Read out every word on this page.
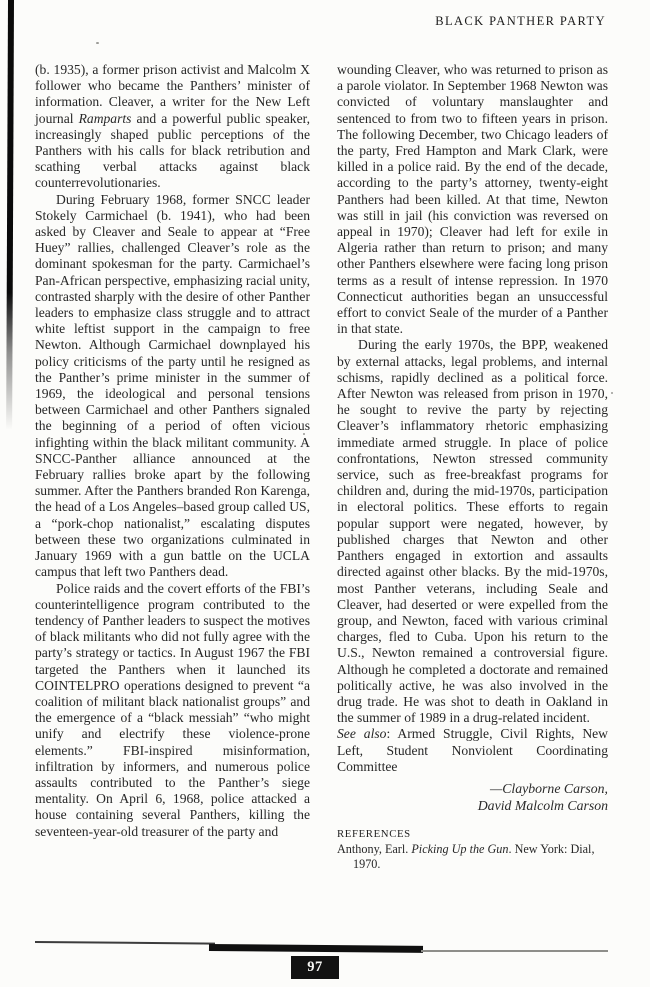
BLACK PANTHER PARTY

(b. 1935), a former prison activist and Malcolm X follower who became the Panthers’ minister of information. Cleaver, a writer for the New Left journal Ramparts and a powerful public speaker, increasingly shaped public perceptions of the Panthers with his calls for black retribution and scathing verbal attacks against black counterrevolutionaries.

During February 1968, former SNCC leader Stokely Carmichael (b. 1941), who had been asked by Cleaver and Seale to appear at “Free Huey” rallies, challenged Cleaver’s role as the dominant spokesman for the party. Carmichael’s Pan-African perspective, emphasizing racial unity, contrasted sharply with the desire of other Panther leaders to emphasize class struggle and to attract white leftist support in the campaign to free Newton. Although Carmichael downplayed his policy criticisms of the party until he resigned as the Panther’s prime minister in the summer of 1969, the ideological and personal tensions between Carmichael and other Panthers signaled the beginning of a period of often vicious infighting within the black militant community. A SNCC-Panther alliance announced at the February rallies broke apart by the following summer. After the Panthers branded Ron Karenga, the head of a Los Angeles–based group called US, a “pork-chop nationalist,” escalating disputes between these two organizations culminated in January 1969 with a gun battle on the UCLA campus that left two Panthers dead.

Police raids and the covert efforts of the FBI’s counterintelligence program contributed to the tendency of Panther leaders to suspect the motives of black militants who did not fully agree with the party’s strategy or tactics. In August 1967 the FBI targeted the Panthers when it launched its COINTELPRO operations designed to prevent “a coalition of militant black nationalist groups” and the emergence of a “black messiah” “who might unify and electrify these violence-prone elements.” FBI-inspired misinformation, infiltration by informers, and numerous police assaults contributed to the Panther’s siege mentality. On April 6, 1968, police attacked a house containing several Panthers, killing the seventeen-year-old treasurer of the party and

wounding Cleaver, who was returned to prison as a parole violator. In September 1968 Newton was convicted of voluntary manslaughter and sentenced to from two to fifteen years in prison. The following December, two Chicago leaders of the party, Fred Hampton and Mark Clark, were killed in a police raid. By the end of the decade, according to the party’s attorney, twenty-eight Panthers had been killed. At that time, Newton was still in jail (his conviction was reversed on appeal in 1970); Cleaver had left for exile in Algeria rather than return to prison; and many other Panthers elsewhere were facing long prison terms as a result of intense repression. In 1970 Connecticut authorities began an unsuccessful effort to convict Seale of the murder of a Panther in that state.

During the early 1970s, the BPP, weakened by external attacks, legal problems, and internal schisms, rapidly declined as a political force. After Newton was released from prison in 1970, he sought to revive the party by rejecting Cleaver’s inflammatory rhetoric emphasizing immediate armed struggle. In place of police confrontations, Newton stressed community service, such as free-breakfast programs for children and, during the mid-1970s, participation in electoral politics. These efforts to regain popular support were negated, however, by published charges that Newton and other Panthers engaged in extortion and assaults directed against other blacks. By the mid-1970s, most Panther veterans, including Seale and Cleaver, had deserted or were expelled from the group, and Newton, faced with various criminal charges, fled to Cuba. Upon his return to the U.S., Newton remained a controversial figure. Although he completed a doctorate and remained politically active, he was also involved in the drug trade. He was shot to death in Oakland in the summer of 1989 in a drug-related incident.

See also: Armed Struggle, Civil Rights, New Left, Student Nonviolent Coordinating Committee

—Clayborne Carson,
David Malcolm Carson
REFERENCES

Anthony, Earl. Picking Up the Gun. New York: Dial, 1970.

97
